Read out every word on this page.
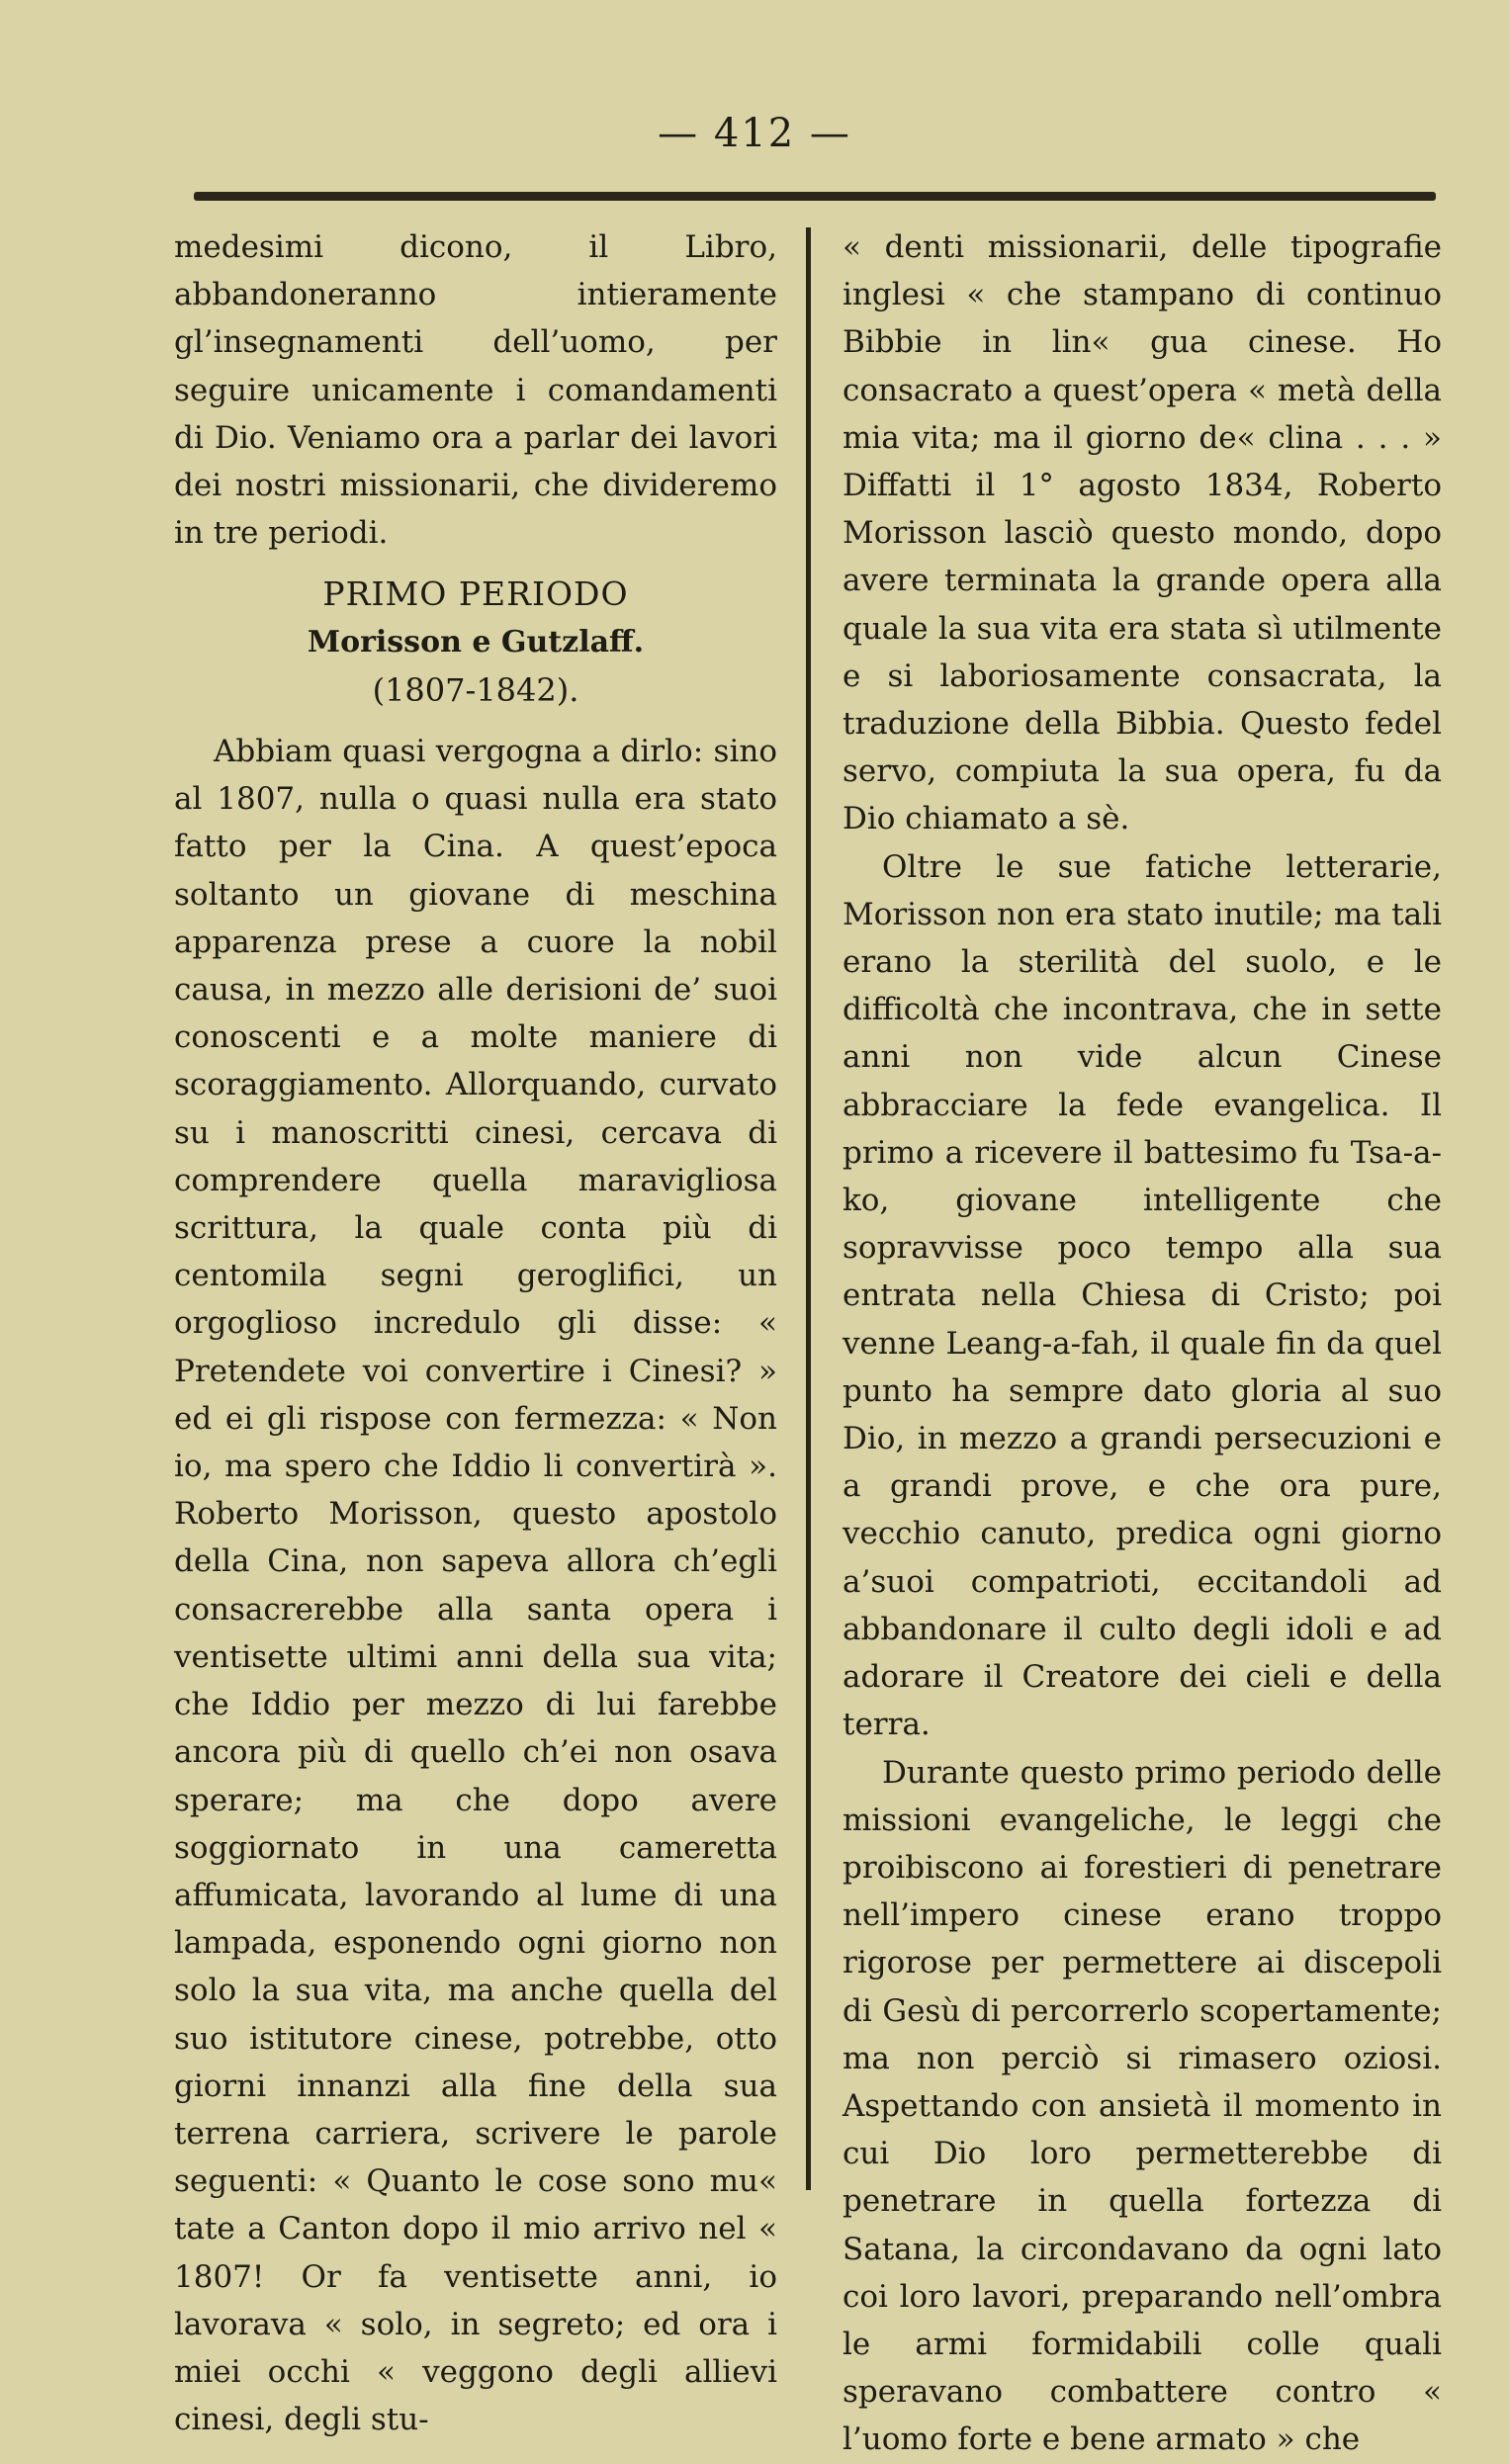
— 412 —

medesimi dicono, il Libro, abbandoneranno intieramente gl’insegnamenti dell’uomo, per seguire unicamente i comandamenti di Dio. Veniamo ora a parlar dei lavori dei nostri missionarii, che divideremo in tre periodi.

PRIMO PERIODO
Morisson e Gutzlaff.
(1807-1842).

Abbiam quasi vergogna a dirlo: sino al 1807, nulla o quasi nulla era stato fatto per la Cina. A quest’epoca soltanto un giovane di meschina apparenza prese a cuore la nobil causa, in mezzo alle derisioni de’ suoi conoscenti e a molte maniere di scoraggiamento. Allorquando, curvato su i manoscritti cinesi, cercava di comprendere quella maravigliosa scrittura, la quale conta più di centomila segni geroglifici, un orgoglioso incredulo gli disse: « Pretendete voi convertire i Cinesi? » ed ei gli rispose con fermezza: « Non io, ma spero che Iddio li convertirà ». Roberto Morisson, questo apostolo della Cina, non sapeva allora ch’egli consacrerebbe alla santa opera i ventisette ultimi anni della sua vita; che Iddio per mezzo di lui farebbe ancora più di quello ch’ei non osava sperare; ma che dopo avere soggiornato in una cameretta affumicata, lavorando al lume di una lampada, esponendo ogni giorno non solo la sua vita, ma anche quella del suo istitutore cinese, potrebbe, otto giorni innanzi alla fine della sua terrena carriera, scrivere le parole seguenti: « Quanto le cose sono mu« tate a Canton dopo il mio arrivo nel « 1807! Or fa ventisette anni, io lavorava « solo, in segreto; ed ora i miei occhi « veggono degli allievi cinesi, degli stu-

« denti missionarii, delle tipografie inglesi « che stampano di continuo Bibbie in lin« gua cinese. Ho consacrato a quest’opera « metà della mia vita; ma il giorno de« clina . . . » Diffatti il 1° agosto 1834, Roberto Morisson lasciò questo mondo, dopo avere terminata la grande opera alla quale la sua vita era stata sì utilmente e si laboriosamente consacrata, la traduzione della Bibbia. Questo fedel servo, compiuta la sua opera, fu da Dio chiamato a sè.

Oltre le sue fatiche letterarie, Morisson non era stato inutile; ma tali erano la sterilità del suolo, e le difficoltà che incontrava, che in sette anni non vide alcun Cinese abbracciare la fede evangelica. Il primo a ricevere il battesimo fu Tsa-a-ko, giovane intelligente che sopravvisse poco tempo alla sua entrata nella Chiesa di Cristo; poi venne Leang-a-fah, il quale fin da quel punto ha sempre dato gloria al suo Dio, in mezzo a grandi persecuzioni e a grandi prove, e che ora pure, vecchio canuto, predica ogni giorno a’suoi compatrioti, eccitandoli ad abbandonare il culto degli idoli e ad adorare il Creatore dei cieli e della terra.

Durante questo primo periodo delle missioni evangeliche, le leggi che proibiscono ai forestieri di penetrare nell’impero cinese erano troppo rigorose per permettere ai discepoli di Gesù di percorrerlo scopertamente; ma non perciò si rimasero oziosi. Aspettando con ansietà il momento in cui Dio loro permetterebbe di penetrare in quella fortezza di Satana, la circondavano da ogni lato coi loro lavori, preparando nell’ombra le armi formidabili colle quali speravano combattere contro « l’uomo forte e bene armato » che
